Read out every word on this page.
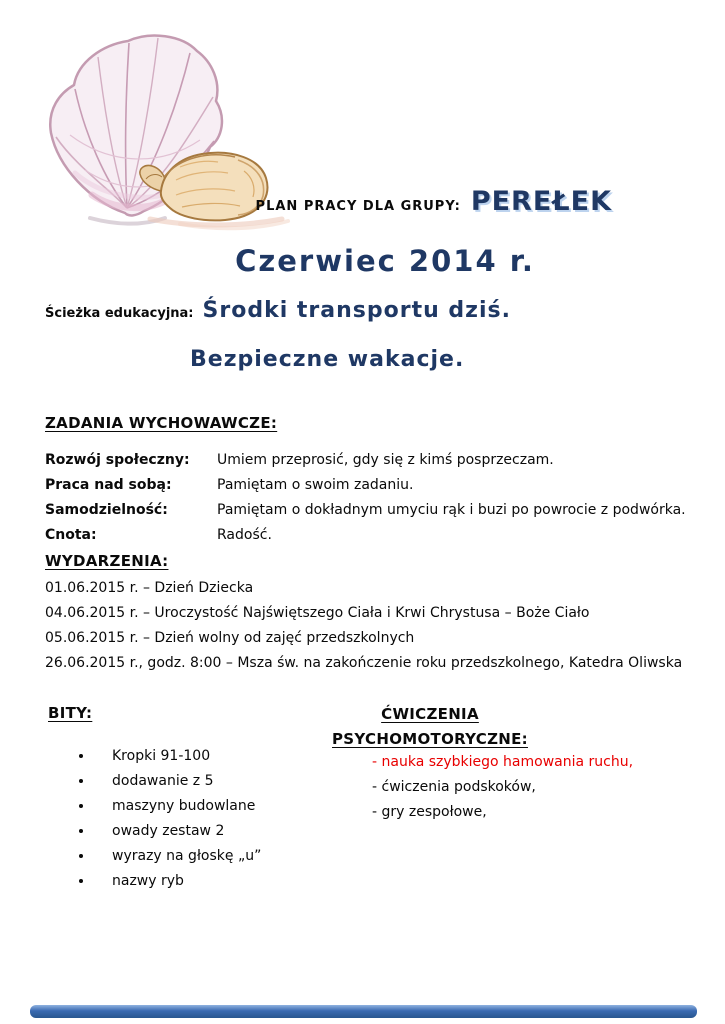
PLAN PRACY DLA GRUPY: PEREŁEK
Czerwiec 2014 r.
Ścieżka edukacyjna: Środki transportu dziś.
Bezpieczne wakacje.
ZADANIA WYCHOWAWCZE:
Rozwój społeczny:	Umiem przeprosić, gdy się z kimś posprzeczam.
Praca nad sobą:	Pamiętam o swoim zadaniu.
Samodzielność:	Pamiętam o dokładnym umyciu rąk i buzi po powrocie z podwórka.
Cnota:	Radość.
WYDARZENIA:
01.06.2015 r. – Dzień Dziecka
04.06.2015 r. – Uroczystość Najświętszego Ciała i Krwi Chrystusa – Boże Ciało
05.06.2015 r. – Dzień wolny od zajęć przedszkolnych
26.06.2015 r., godz. 8:00 – Msza św. na zakończenie roku przedszkolnego, Katedra Oliwska
BITY:
• Kropki 91-100
• dodawanie z 5
• maszyny budowlane
• owady zestaw 2
• wyrazy na głoskę „u”
• nazwy ryb
ĆWICZENIA
PSYCHOMOTORYCZNE:
- nauka szybkiego hamowania ruchu,
- ćwiczenia podskoków,
- gry zespołowe,
